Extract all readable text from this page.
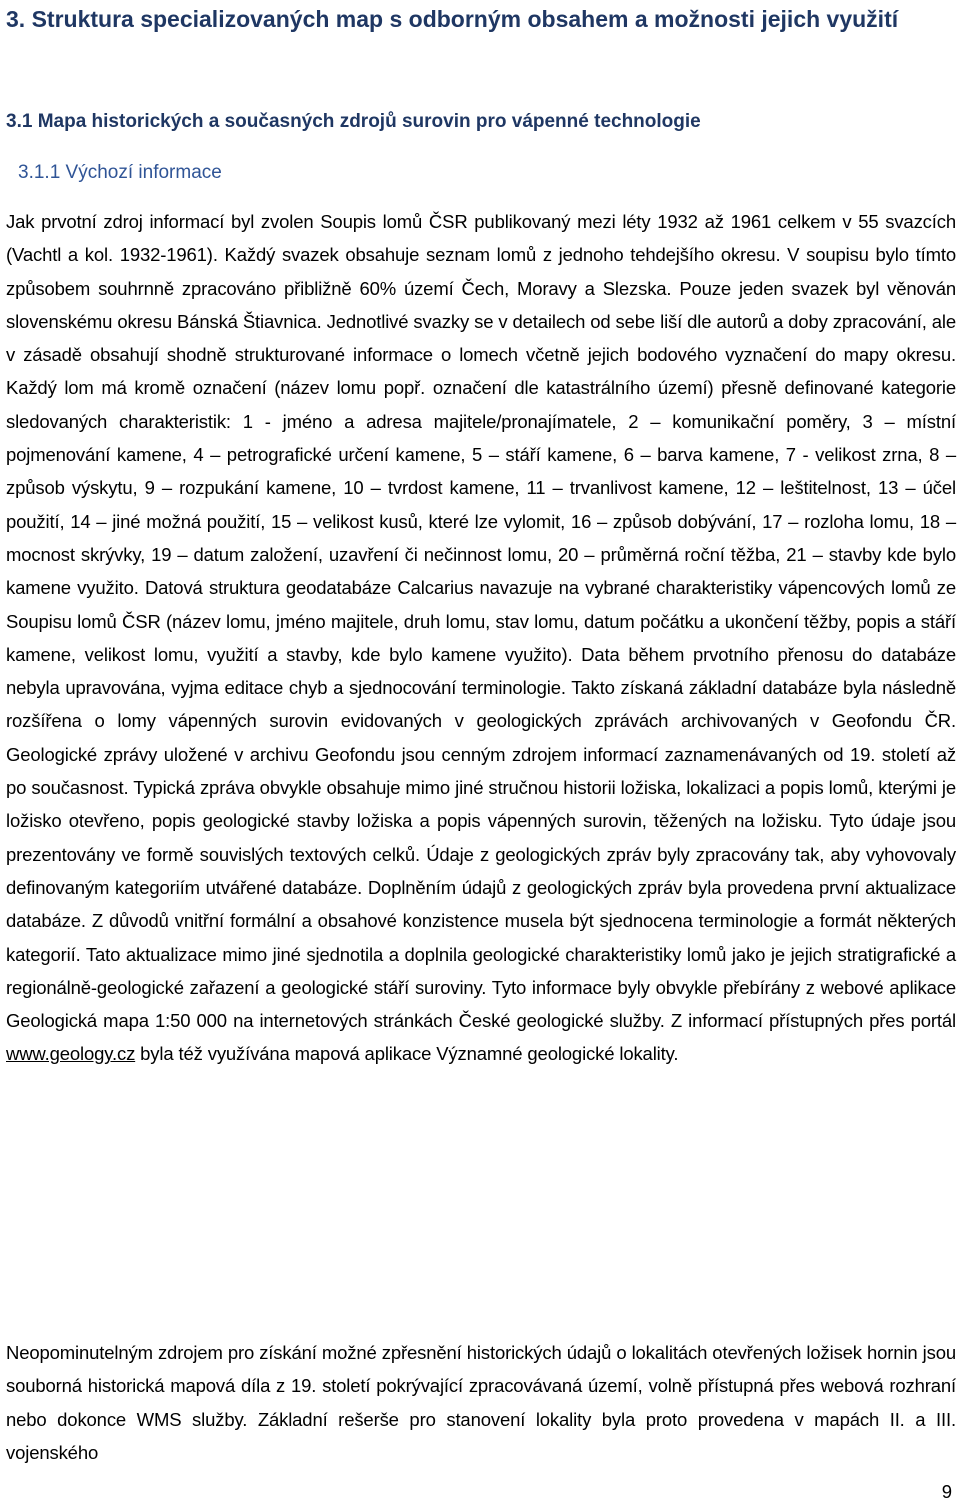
3. Struktura specializovaných map s odborným obsahem a možnosti jejich využití
3.1 Mapa historických a současných zdrojů surovin pro vápenné technologie
3.1.1 Výchozí informace

Jak prvotní zdroj informací byl zvolen Soupis lomů ČSR publikovaný mezi léty 1932 až 1961 celkem v 55 svazcích (Vachtl a kol. 1932-1961). Každý svazek obsahuje seznam lomů z jednoho tehdejšího okresu. V soupisu bylo tímto způsobem souhrnně zpracováno přibližně 60% území Čech, Moravy a Slezska. Pouze jeden svazek byl věnován slovenskému okresu Bánská Štiavnica. Jednotlivé svazky se v detailech od sebe liší dle autorů a doby zpracování, ale v zásadě obsahují shodně strukturované informace o lomech včetně jejich bodového vyznačení do mapy okresu. Každý lom má kromě označení (název lomu popř. označení dle katastrálního území) přesně definované kategorie sledovaných charakteristik: 1 - jméno a adresa majitele/pronajímatele, 2 – komunikační poměry, 3 – místní pojmenování kamene, 4 – petrografické určení kamene, 5 – stáří kamene, 6 – barva kamene, 7 - velikost zrna, 8 – způsob výskytu, 9 – rozpukání kamene, 10 – tvrdost kamene, 11 – trvanlivost kamene, 12 – leštitelnost, 13 – účel použití, 14 – jiné možná použití, 15 – velikost kusů, které lze vylomit, 16 – způsob dobývání, 17 – rozloha lomu, 18 – mocnost skrývky, 19 – datum založení, uzavření či nečinnost lomu, 20 – průměrná roční těžba, 21 – stavby kde bylo kamene využito. Datová struktura geodatabáze Calcarius navazuje na vybrané charakteristiky vápencových lomů ze Soupisu lomů ČSR (název lomu, jméno majitele, druh lomu, stav lomu, datum počátku a ukončení těžby, popis a stáří kamene, velikost lomu, využití a stavby, kde bylo kamene využito). Data během prvotního přenosu do databáze nebyla upravována, vyjma editace chyb a sjednocování terminologie. Takto získaná základní databáze byla následně rozšířena o lomy vápenných surovin evidovaných v geologických zprávách archivovaných v Geofondu ČR. Geologické zprávy uložené v archivu Geofondu jsou cenným zdrojem informací zaznamenávaných od 19. století až po současnost. Typická zpráva obvykle obsahuje mimo jiné stručnou historii ložiska, lokalizaci a popis lomů, kterými je ložisko otevřeno, popis geologické stavby ložiska a popis vápenných surovin, těžených na ložisku. Tyto údaje jsou prezentovány ve formě souvislých textových celků. Údaje z geologických zpráv byly zpracovány tak, aby vyhovovaly definovaným kategoriím utvářené databáze. Doplněním údajů z geologických zpráv byla provedena první aktualizace databáze. Z důvodů vnitřní formální a obsahové konzistence musela být sjednocena terminologie a formát některých kategorií. Tato aktualizace mimo jiné sjednotila a doplnila geologické charakteristiky lomů jako je jejich stratigrafické a regionálně-geologické zařazení a geologické stáří suroviny. Tyto informace byly obvykle přebírány z webové aplikace Geologická mapa 1:50 000 na internetových stránkách České geologické služby. Z informací přístupných přes portál www.geology.cz byla též využívána mapová aplikace Významné geologické lokality.

Neopominutelným zdrojem pro získání možné zpřesnění historických údajů o lokalitách otevřených ložisek hornin jsou souborná historická mapová díla z 19. století pokrývající zpracovávaná území, volně přístupná přes webová rozhraní nebo dokonce WMS služby. Základní rešerše pro stanovení lokality byla proto provedena v mapách II. a III. vojenského

9
